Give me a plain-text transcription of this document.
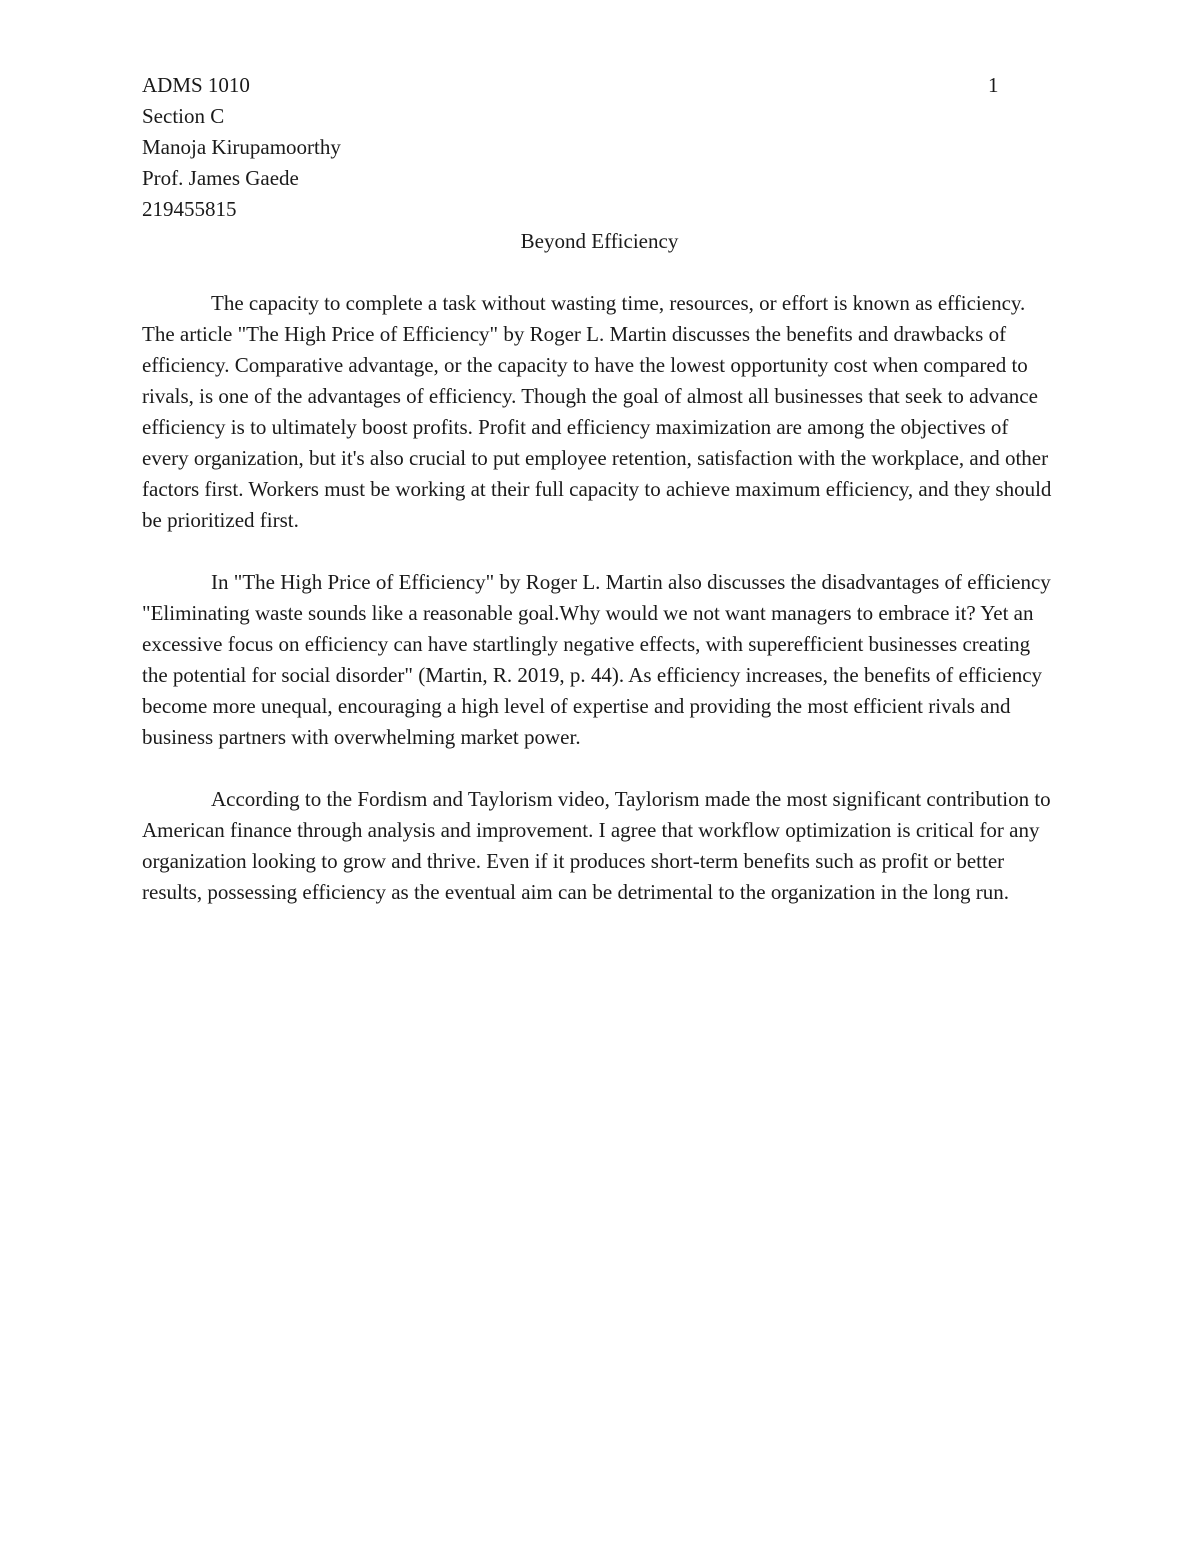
ADMS 1010
Section C
Manoja Kirupamoorthy
Prof. James Gaede
219455815
1
Beyond Efficiency

The capacity to complete a task without wasting time, resources, or effort is known as efficiency. The article "The High Price of Efficiency" by Roger L. Martin discusses the benefits and drawbacks of efficiency. Comparative advantage, or the capacity to have the lowest opportunity cost when compared to rivals, is one of the advantages of efficiency. Though the goal of almost all businesses that seek to advance efficiency is to ultimately boost profits. Profit and efficiency maximization are among the objectives of every organization, but it's also crucial to put employee retention, satisfaction with the workplace, and other factors first. Workers must be working at their full capacity to achieve maximum efficiency, and they should be prioritized first.

In "The High Price of Efficiency" by Roger L. Martin also discusses the disadvantages of efficiency "Eliminating waste sounds like a reasonable goal.Why would we not want managers to embrace it? Yet an excessive focus on efficiency can have startlingly negative effects, with superefficient businesses creating the potential for social disorder" (Martin, R. 2019, p. 44). As efficiency increases, the benefits of efficiency become more unequal, encouraging a high level of expertise and providing the most efficient rivals and business partners with overwhelming market power.

According to the Fordism and Taylorism video, Taylorism made the most significant contribution to American finance through analysis and improvement. I agree that workflow optimization is critical for any organization looking to grow and thrive. Even if it produces short-term benefits such as profit or better results, possessing efficiency as the eventual aim can be detrimental to the organization in the long run.
